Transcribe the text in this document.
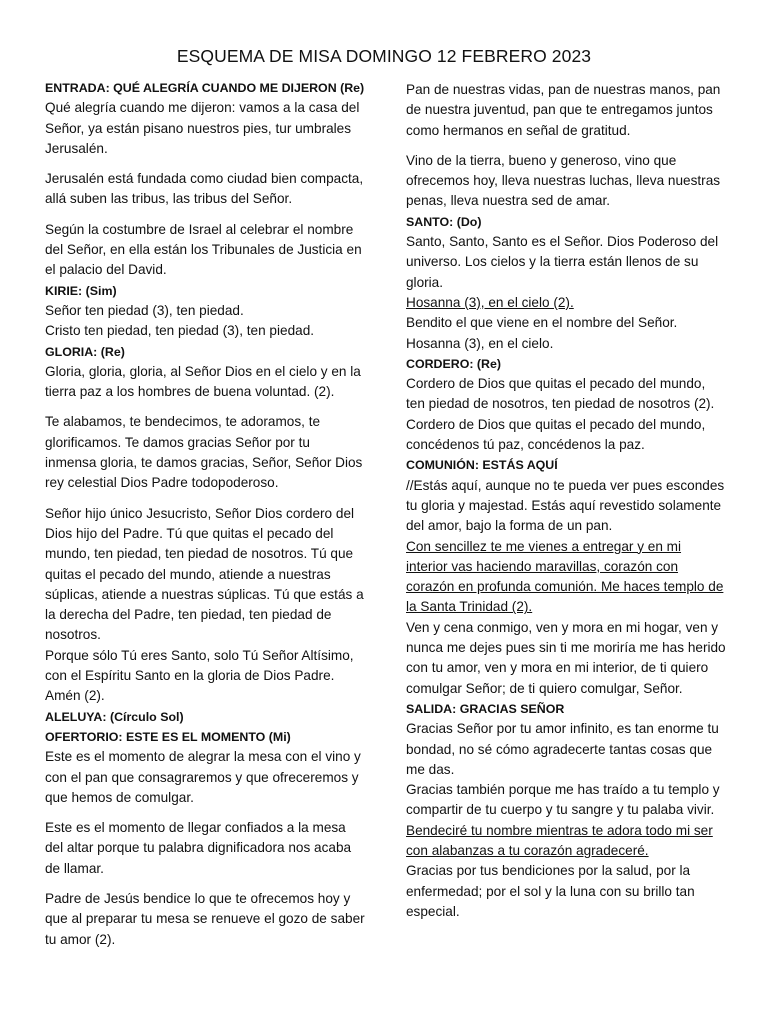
ESQUEMA DE MISA DOMINGO 12 FEBRERO 2023

ENTRADA: QUÉ ALEGRÍA CUANDO ME DIJERON (Re)

Qué alegría cuando me dijeron: vamos a la casa del Señor, ya están pisano nuestros pies, tur umbrales Jerusalén.

Jerusalén está fundada como ciudad bien compacta, allá suben las tribus, las tribus del Señor.

Según la costumbre de Israel al celebrar el nombre del Señor, en ella están los Tribunales de Justicia en el palacio del David.

KIRIE: (Sim)

Señor ten piedad (3), ten piedad.

Cristo ten piedad, ten piedad (3), ten piedad.

GLORIA: (Re)

Gloria, gloria, gloria, al Señor Dios en el cielo y en la tierra paz a los hombres de buena voluntad. (2).

Te alabamos, te bendecimos, te adoramos, te glorificamos. Te damos gracias Señor por tu inmensa gloria, te damos gracias, Señor, Señor Dios rey celestial Dios Padre todopoderoso.

Señor hijo único Jesucristo, Señor Dios cordero del Dios hijo del Padre. Tú que quitas el pecado del mundo, ten piedad, ten piedad de nosotros. Tú que quitas el pecado del mundo, atiende a nuestras súplicas, atiende a nuestras súplicas. Tú que estás a la derecha del Padre, ten piedad, ten piedad de nosotros.

Porque sólo Tú eres Santo, solo Tú Señor Altísimo, con el Espíritu Santo en la gloria de Dios Padre. Amén (2).

ALELUYA: (Círculo Sol)

OFERTORIO: ESTE ES EL MOMENTO (Mi)

Este es el momento de alegrar la mesa con el vino y con el pan que consagraremos y que ofreceremos y que hemos de comulgar.

Este es el momento de llegar confiados a la mesa del altar porque tu palabra dignificadora nos acaba de llamar.

Padre de Jesús bendice lo que te ofrecemos hoy y que al preparar tu mesa se renueve el gozo de saber tu amor (2).

Pan de nuestras vidas, pan de nuestras manos, pan de nuestra juventud, pan que te entregamos juntos como hermanos en señal de gratitud.

Vino de la tierra, bueno y generoso, vino que ofrecemos hoy, lleva nuestras luchas, lleva nuestras penas, lleva nuestra sed de amar.

SANTO: (Do)

Santo, Santo, Santo es el Señor. Dios Poderoso del universo. Los cielos y la tierra están llenos de su gloria.

Hosanna (3), en el cielo (2).

Bendito el que viene en el nombre del Señor.

Hosanna (3), en el cielo.

CORDERO: (Re)

Cordero de Dios que quitas el pecado del mundo, ten piedad de nosotros, ten piedad de nosotros (2).

Cordero de Dios que quitas el pecado del mundo, concédenos tú paz, concédenos la paz.

COMUNIÓN: ESTÁS AQUÍ

//Estás aquí, aunque no te pueda ver pues escondes tu gloria y majestad. Estás aquí revestido solamente del amor, bajo la forma de un pan.

Con sencillez te me vienes a entregar y en mi interior vas haciendo maravillas, corazón con corazón en profunda comunión. Me haces templo de la Santa Trinidad (2).

Ven y cena conmigo, ven y mora en mi hogar, ven y nunca me dejes pues sin ti me moriría me has herido con tu amor, ven y mora en mi interior, de ti quiero comulgar Señor; de ti quiero comulgar, Señor.

SALIDA: GRACIAS SEÑOR

Gracias Señor por tu amor infinito, es tan enorme tu bondad, no sé cómo agradecerte tantas cosas que me das.

Gracias también porque me has traído a tu templo y compartir de tu cuerpo y tu sangre y tu palaba vivir.

Bendeciré tu nombre mientras te adora todo mi ser con alabanzas a tu corazón agradeceré.

Gracias por tus bendiciones por la salud, por la enfermedad; por el sol y la luna con su brillo tan especial.
